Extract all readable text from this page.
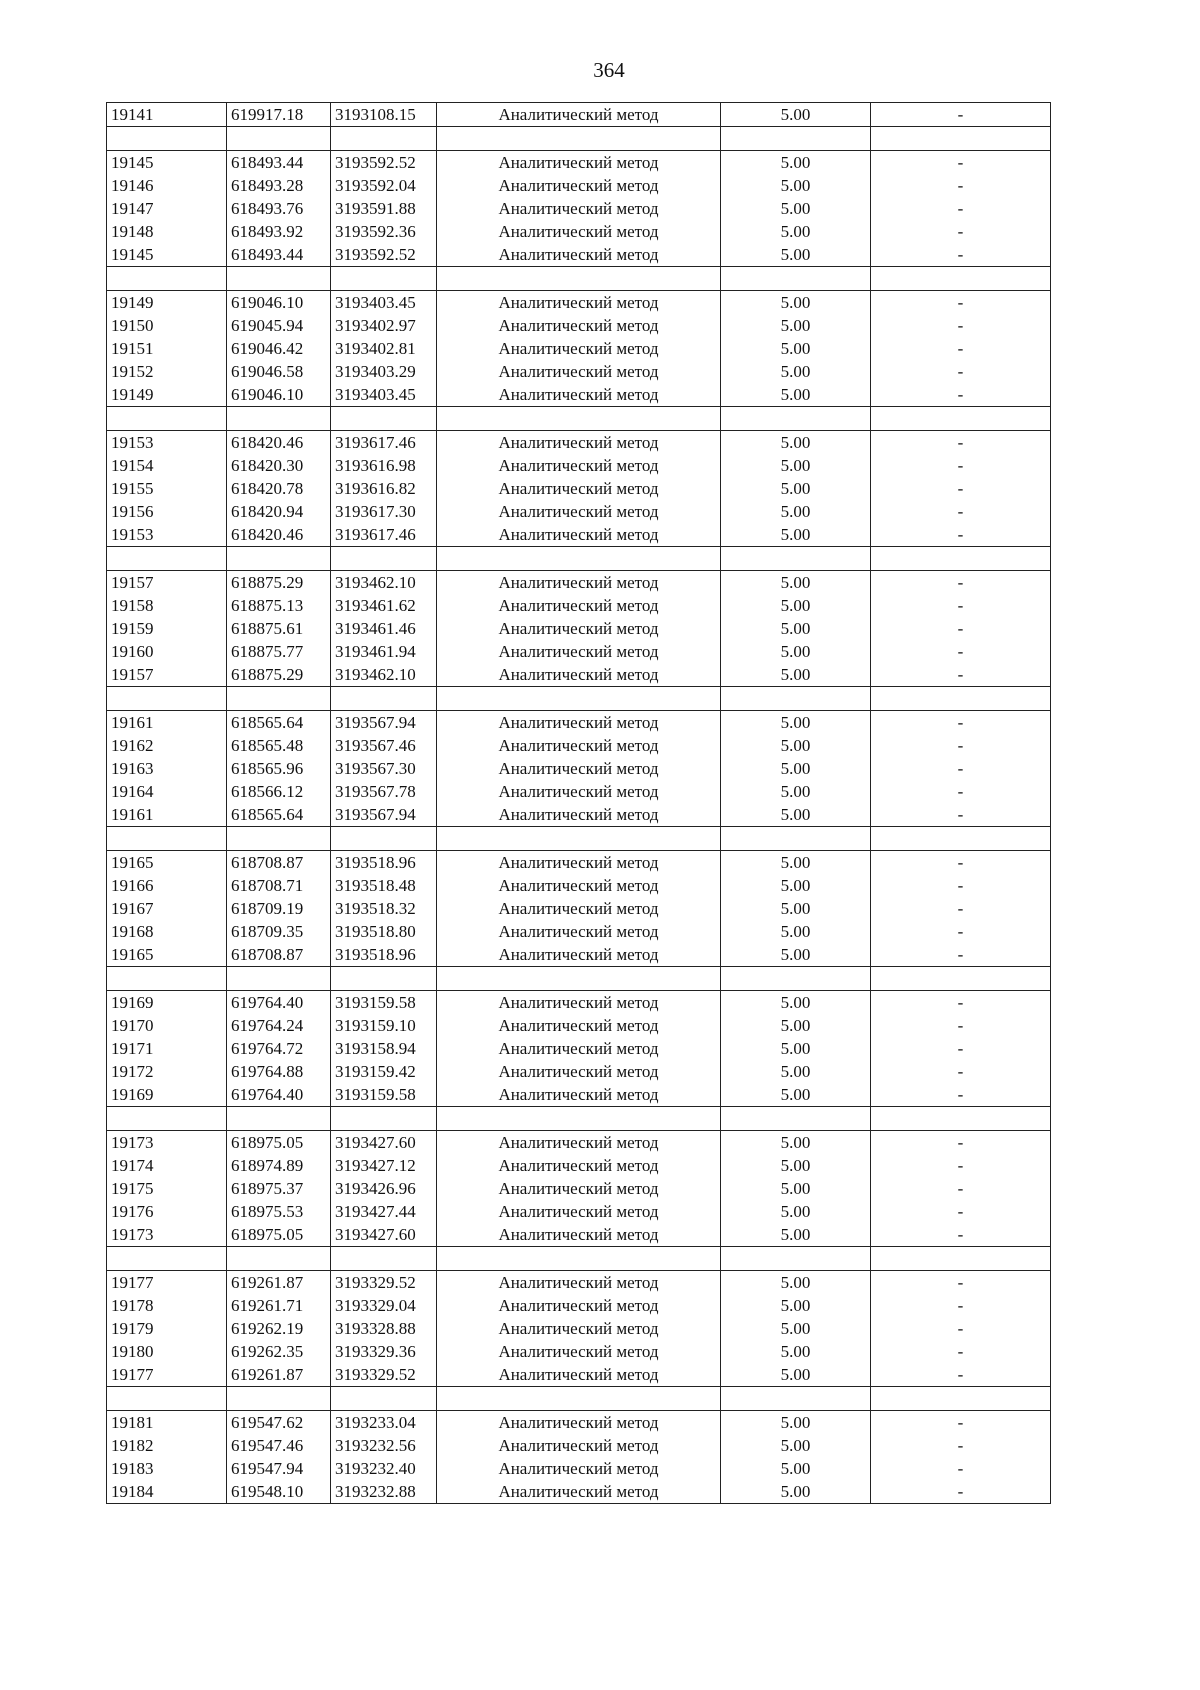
364
19141	619917.18	3193108.15	Аналитический метод	5.00	-

19145	618493.44	3193592.52	Аналитический метод	5.00	-
19146	618493.28	3193592.04	Аналитический метод	5.00	-
19147	618493.76	3193591.88	Аналитический метод	5.00	-
19148	618493.92	3193592.36	Аналитический метод	5.00	-
19145	618493.44	3193592.52	Аналитический метод	5.00	-

19149	619046.10	3193403.45	Аналитический метод	5.00	-
19150	619045.94	3193402.97	Аналитический метод	5.00	-
19151	619046.42	3193402.81	Аналитический метод	5.00	-
19152	619046.58	3193403.29	Аналитический метод	5.00	-
19149	619046.10	3193403.45	Аналитический метод	5.00	-

19153	618420.46	3193617.46	Аналитический метод	5.00	-
19154	618420.30	3193616.98	Аналитический метод	5.00	-
19155	618420.78	3193616.82	Аналитический метод	5.00	-
19156	618420.94	3193617.30	Аналитический метод	5.00	-
19153	618420.46	3193617.46	Аналитический метод	5.00	-

19157	618875.29	3193462.10	Аналитический метод	5.00	-
19158	618875.13	3193461.62	Аналитический метод	5.00	-
19159	618875.61	3193461.46	Аналитический метод	5.00	-
19160	618875.77	3193461.94	Аналитический метод	5.00	-
19157	618875.29	3193462.10	Аналитический метод	5.00	-

19161	618565.64	3193567.94	Аналитический метод	5.00	-
19162	618565.48	3193567.46	Аналитический метод	5.00	-
19163	618565.96	3193567.30	Аналитический метод	5.00	-
19164	618566.12	3193567.78	Аналитический метод	5.00	-
19161	618565.64	3193567.94	Аналитический метод	5.00	-

19165	618708.87	3193518.96	Аналитический метод	5.00	-
19166	618708.71	3193518.48	Аналитический метод	5.00	-
19167	618709.19	3193518.32	Аналитический метод	5.00	-
19168	618709.35	3193518.80	Аналитический метод	5.00	-
19165	618708.87	3193518.96	Аналитический метод	5.00	-

19169	619764.40	3193159.58	Аналитический метод	5.00	-
19170	619764.24	3193159.10	Аналитический метод	5.00	-
19171	619764.72	3193158.94	Аналитический метод	5.00	-
19172	619764.88	3193159.42	Аналитический метод	5.00	-
19169	619764.40	3193159.58	Аналитический метод	5.00	-

19173	618975.05	3193427.60	Аналитический метод	5.00	-
19174	618974.89	3193427.12	Аналитический метод	5.00	-
19175	618975.37	3193426.96	Аналитический метод	5.00	-
19176	618975.53	3193427.44	Аналитический метод	5.00	-
19173	618975.05	3193427.60	Аналитический метод	5.00	-

19177	619261.87	3193329.52	Аналитический метод	5.00	-
19178	619261.71	3193329.04	Аналитический метод	5.00	-
19179	619262.19	3193328.88	Аналитический метод	5.00	-
19180	619262.35	3193329.36	Аналитический метод	5.00	-
19177	619261.87	3193329.52	Аналитический метод	5.00	-

19181	619547.62	3193233.04	Аналитический метод	5.00	-
19182	619547.46	3193232.56	Аналитический метод	5.00	-
19183	619547.94	3193232.40	Аналитический метод	5.00	-
19184	619548.10	3193232.88	Аналитический метод	5.00	-
